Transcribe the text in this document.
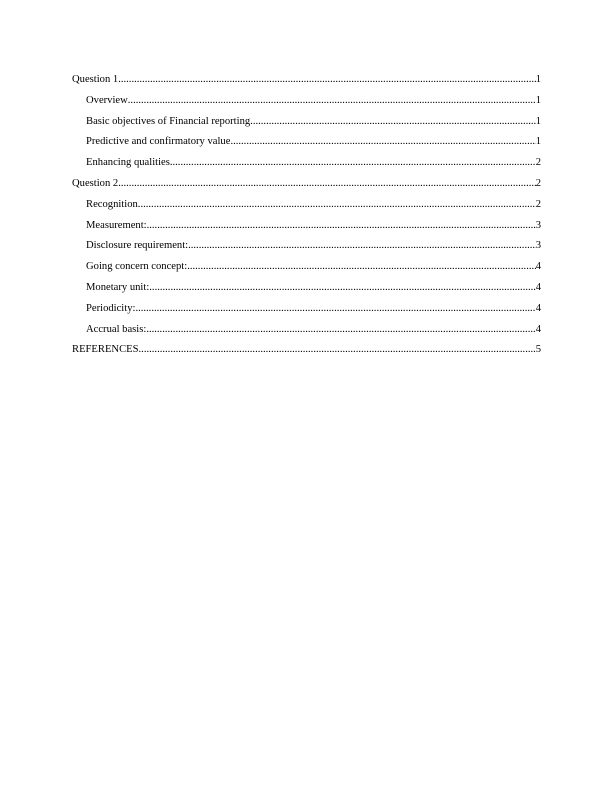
Question 1 .....	1
Overview .....	1
Basic objectives of Financial reporting .....	1
Predictive and confirmatory value .....	1
Enhancing qualities .....	2
Question 2 .....	2
Recognition .....	2
Measurement: .....	3
Disclosure requirement: .....	3
Going concern concept: .....	4
Monetary unit: .....	4
Periodicity: .....	4
Accrual basis: .....	4
REFERENCES .....	5
